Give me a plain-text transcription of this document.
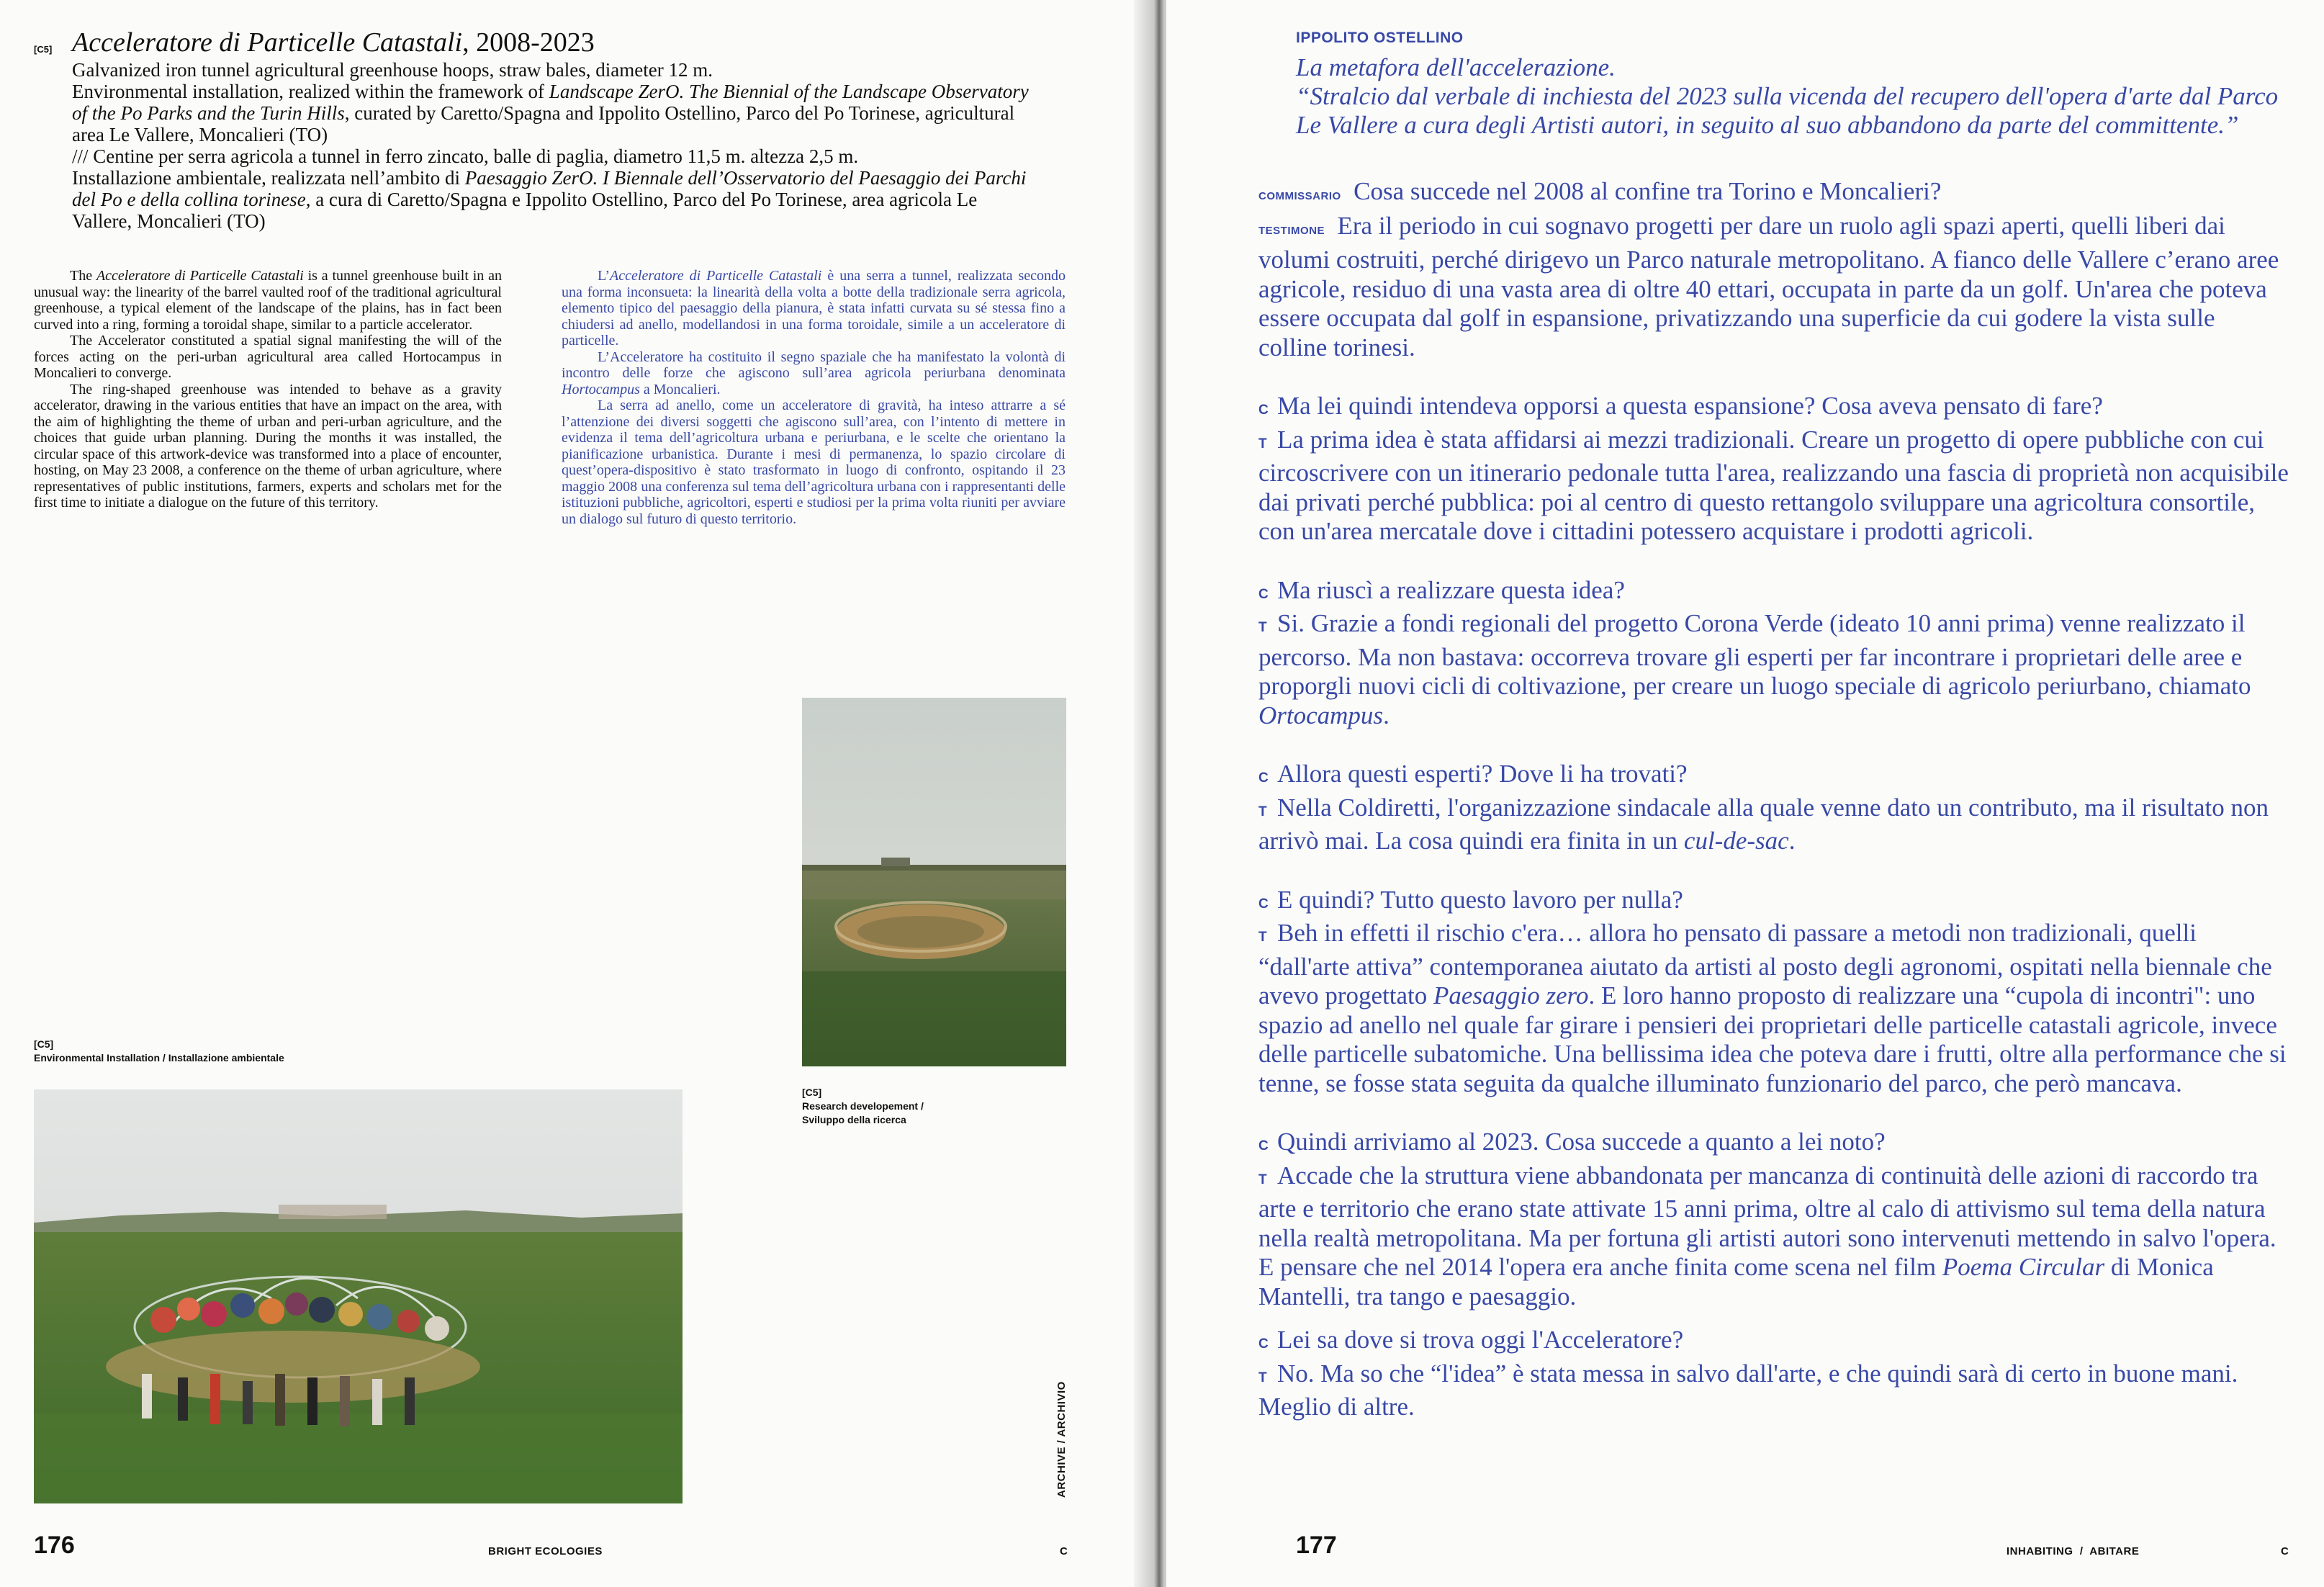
[C5] Acceleratore di Particelle Catastali, 2008-2023
Galvanized iron tunnel agricultural greenhouse hoops, straw bales, diameter 12 m.
Environmental installation, realized within the framework of Landscape ZerO. The Biennial of the Landscape Observatory of the Po Parks and the Turin Hills, curated by Caretto/Spagna and Ippolito Ostellino, Parco del Po Torinese, agricultural area Le Vallere, Moncalieri (TO)
/// Centine per serra agricola a tunnel in ferro zincato, balle di paglia, diametro 11,5 m. altezza 2,5 m.
Installazione ambientale, realizzata nell’ambito di Paesaggio ZerO. I Biennale dell’Osservatorio del Paesaggio dei Parchi del Po e della collina torinese, a cura di Caretto/Spagna e Ippolito Ostellino, Parco del Po Torinese, area agricola Le Vallere, Moncalieri (TO)

The Acceleratore di Particelle Catastali is a tunnel greenhouse built in an unusual way: the linearity of the barrel vaulted roof of the traditional agricultural greenhouse, a typical element of the landscape of the plains, has in fact been curved into a ring, forming a toroidal shape, similar to a particle accelerator.

The Accelerator constituted a spatial signal manifesting the will of the forces acting on the peri-urban agricultural area called Hortocampus in Moncalieri to converge.

The ring-shaped greenhouse was intended to behave as a gravity accelerator, drawing in the various entities that have an impact on the area, with the aim of highlighting the theme of urban and peri-urban agriculture, and the choices that guide urban planning. During the months it was installed, the circular space of this artwork-device was transformed into a place of encounter, hosting, on May 23 2008, a conference on the theme of urban agriculture, where representatives of public institutions, farmers, experts and scholars met for the first time to initiate a dialogue on the future of this territory.

L’Acceleratore di Particelle Catastali è una serra a tunnel, realizzata secondo una forma inconsueta: la linearità della volta a botte della tradizionale serra agricola, elemento tipico del paesaggio della pianura, è stata infatti curvata su sé stessa fino a chiudersi ad anello, modellandosi in una forma toroidale, simile a un acceleratore di particelle.

L’Acceleratore ha costituito il segno spaziale che ha manifestato la volontà di incontro delle forze che agiscono sull’area agricola periurbana denominata Hortocampus a Moncalieri.

La serra ad anello, come un acceleratore di gravità, ha inteso attrarre a sé l’attenzione dei diversi soggetti che agiscono sull’area, con l’intento di mettere in evidenza il tema dell’agricoltura urbana e periurbana, e le scelte che orientano la pianificazione urbanistica. Durante i mesi di permanenza, lo spazio circolare di quest’opera-dispositivo è stato trasformato in luogo di confronto, ospitando il 23 maggio 2008 una conferenza sul tema dell’agricoltura urbana con i rappresentanti delle istituzioni pubbliche, agricoltori, esperti e studiosi per la prima volta riuniti per avviare un dialogo sul futuro di questo territorio.

[C5]
Environmental Installation / Installazione ambientale
[C5]
Research developement /
Sviluppo della ricerca
ARCHIVE / ARCHIVIO
176	BRIGHT ECOLOGIES	C
IPPOLITO OSTELLINO
La metafora dell'accelerazione.
“Stralcio dal verbale di inchiesta del 2023 sulla vicenda del recupero dell'opera d'arte dal Parco Le Vallere a cura degli Artisti autori, in seguito al suo abbandono da parte del committente.”
COMMISSARIO Cosa succede nel 2008 al confine tra Torino e Moncalieri?
TESTIMONE Era il periodo in cui sognavo progetti per dare un ruolo agli spazi aperti, quelli liberi dai volumi costruiti, perché dirigevo un Parco naturale metropolitano. A fianco delle Vallere c’erano aree agricole, residuo di una vasta area di oltre 40 ettari, occupata in parte da un golf. Un'area che poteva essere occupata dal golf in espansione, privatizzando una superficie da cui godere la vista sulle colline torinesi.
C Ma lei quindi intendeva opporsi a questa espansione? Cosa aveva pensato di fare?
T La prima idea è stata affidarsi ai mezzi tradizionali. Creare un progetto di opere pubbliche con cui circoscrivere con un itinerario pedonale tutta l'area, realizzando una fascia di proprietà non acquisibile dai privati perché pubblica: poi al centro di questo rettangolo sviluppare una agricoltura consortile, con un'area mercatale dove i cittadini potessero acquistare i prodotti agricoli.
C Ma riuscì a realizzare questa idea?
T Si. Grazie a fondi regionali del progetto Corona Verde (ideato 10 anni prima) venne realizzato il percorso. Ma non bastava: occorreva trovare gli esperti per far incontrare i proprietari delle aree e proporgli nuovi cicli di coltivazione, per creare un luogo speciale di agricolo periurbano, chiamato Ortocampus.
C Allora questi esperti? Dove li ha trovati?
T Nella Coldiretti, l'organizzazione sindacale alla quale venne dato un contributo, ma il risultato non arrivò mai. La cosa quindi era finita in un cul-de-sac.
C E quindi? Tutto questo lavoro per nulla?
T Beh in effetti il rischio c'era… allora ho pensato di passare a metodi non tradizionali, quelli “dall'arte attiva” contemporanea aiutato da artisti al posto degli agronomi, ospitati nella biennale che avevo progettato Paesaggio zero. E loro hanno proposto di realizzare una “cupola di incontri": uno spazio ad anello nel quale far girare i pensieri dei proprietari delle particelle catastali agricole, invece delle particelle subatomiche. Una bellissima idea che poteva dare i frutti, oltre alla performance che si tenne, se fosse stata seguita da qualche illuminato funzionario del parco, che però mancava.
C Quindi arriviamo al 2023. Cosa succede a quanto a lei noto?
T Accade che la struttura viene abbandonata per mancanza di continuità delle azioni di raccordo tra arte e territorio che erano state attivate 15 anni prima, oltre al calo di attivismo sul tema della natura nella realtà metropolitana. Ma per fortuna gli artisti autori sono intervenuti mettendo in salvo l'opera. E pensare che nel 2014 l'opera era anche finita come scena nel film Poema Circular di Monica Mantelli, tra tango e paesaggio.
C Lei sa dove si trova oggi l'Acceleratore?
T No. Ma so che “l'idea” è stata messa in salvo dall'arte, e che quindi sarà di certo in buone mani. Meglio di altre.
177	INHABITING  /  ABITARE	C
